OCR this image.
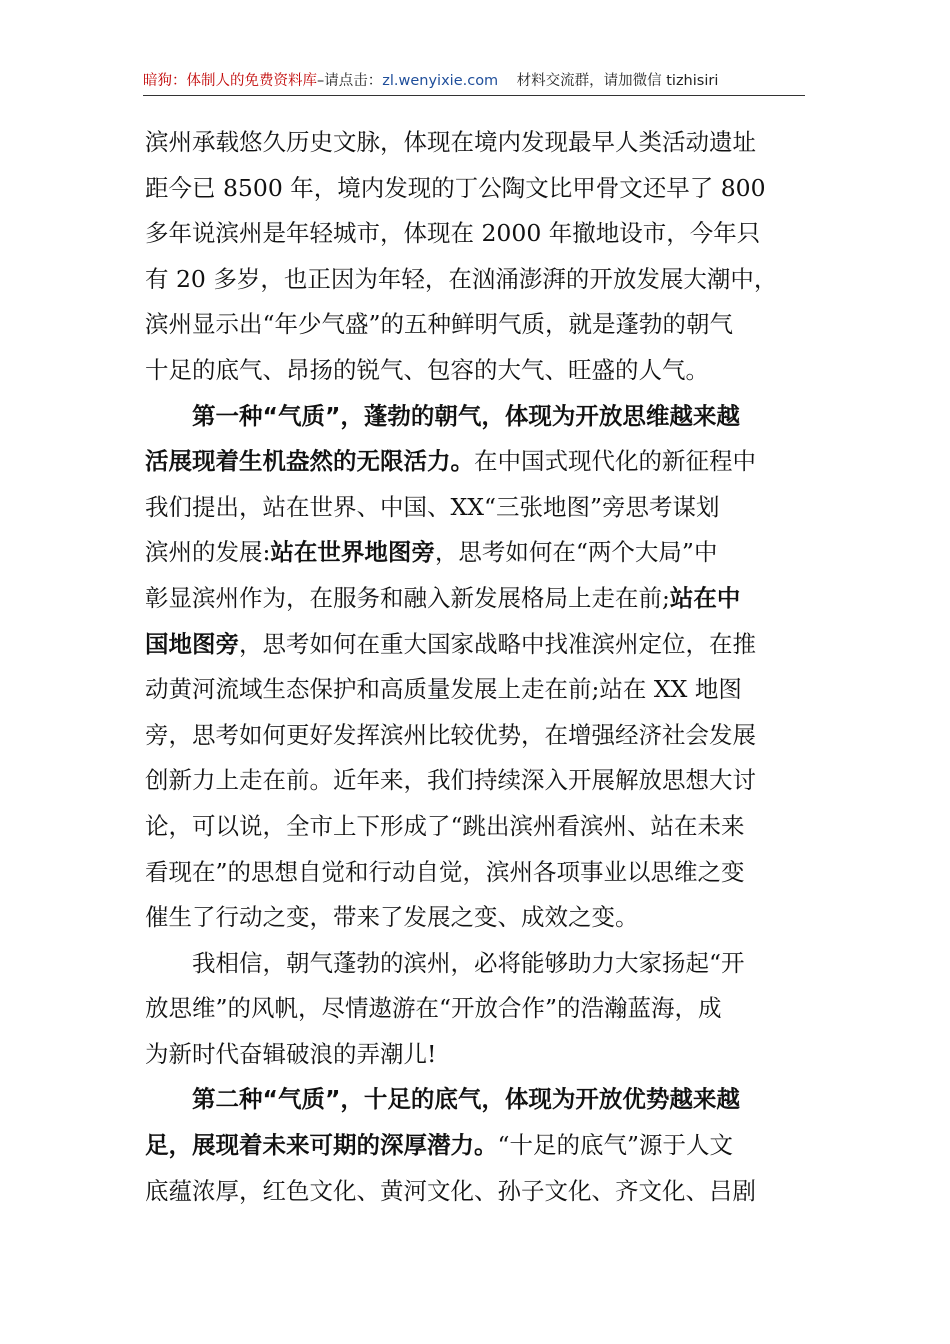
暗狗：体制人的免费资料库–请点击：zl.wenyixie.com 材料交流群，请加微信 tizhisiri
滨州承载悠久历史文脉，体现在境内发现最早人类活动遗址
距今已 8500 年，境内发现的丁公陶文比甲骨文还早了 800
多年说滨州是年轻城市，体现在 2000 年撤地设市，今年只
有 20 多岁，也正因为年轻，在汹涌澎湃的开放发展大潮中，
滨州显示出“年少气盛”的五种鲜明气质，就是蓬勃的朝气
十足的底气、昂扬的锐气、包容的大气、旺盛的人气。
第一种“气质”，蓬勃的朝气，体现为开放思维越来越
活展现着生机盎然的无限活力。在中国式现代化的新征程中
我们提出，站在世界、中国、XX“三张地图”旁思考谋划
滨州的发展:站在世界地图旁，思考如何在“两个大局”中
彰显滨州作为，在服务和融入新发展格局上走在前;站在中
国地图旁，思考如何在重大国家战略中找准滨州定位，在推
动黄河流域生态保护和高质量发展上走在前;站在 XX 地图
旁，思考如何更好发挥滨州比较优势，在增强经济社会发展
创新力上走在前。近年来，我们持续深入开展解放思想大讨
论，可以说，全市上下形成了“跳出滨州看滨州、站在未来
看现在”的思想自觉和行动自觉，滨州各项事业以思维之变
催生了行动之变，带来了发展之变、成效之变。
我相信，朝气蓬勃的滨州，必将能够助力大家扬起“开
放思维”的风帆，尽情遨游在“开放合作”的浩瀚蓝海，成
为新时代奋辑破浪的弄潮儿!
第二种“气质”，十足的底气，体现为开放优势越来越
足，展现着未来可期的深厚潜力。“十足的底气”源于人文
底蕴浓厚，红色文化、黄河文化、孙子文化、齐文化、吕剧
